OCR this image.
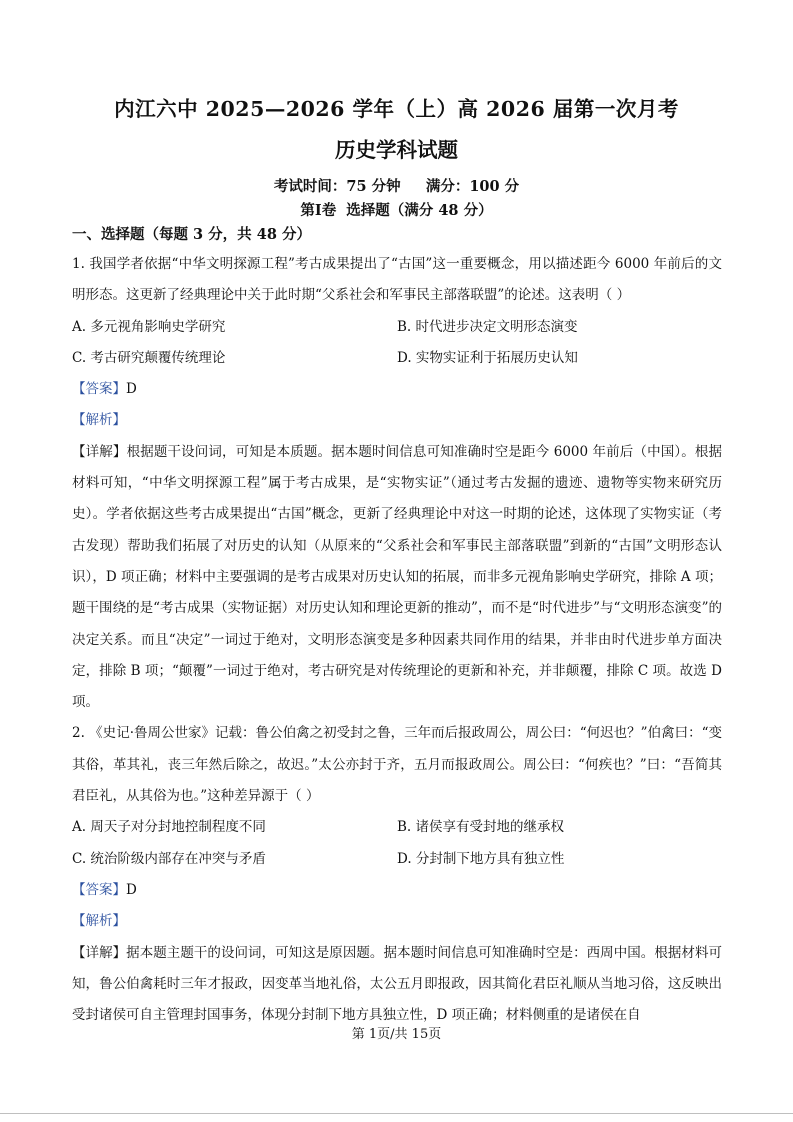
内江六中 2025—2026 学年（上）高 2026 届第一次月考
历史学科试题
考试时间：75 分钟     满分：100 分
第Ⅰ卷  选择题（满分 48 分）
一、选择题（每题 3 分，共 48 分）

1. 我国学者依据“中华文明探源工程”考古成果提出了“古国”这一重要概念，用以描述距今 6000 年前后的文明形态。这更新了经典理论中关于此时期“父系社会和军事民主部落联盟”的论述。这表明（ ）

A. 多元视角影响史学研究	B. 时代进步决定文明形态演变
C. 考古研究颠覆传统理论	D. 实物实证利于拓展历史认知

【答案】D

【解析】

【详解】根据题干设问词，可知是本质题。据本题时间信息可知准确时空是距今 6000 年前后（中国）。根据材料可知，“中华文明探源工程”属于考古成果，是“实物实证”（通过考古发掘的遗迹、遗物等实物来研究历史）。学者依据这些考古成果提出“古国”概念，更新了经典理论中对这一时期的论述，这体现了实物实证（考古发现）帮助我们拓展了对历史的认知（从原来的“父系社会和军事民主部落联盟”到新的“古国”文明形态认识），D 项正确；材料中主要强调的是考古成果对历史认知的拓展，而非多元视角影响史学研究，排除 A 项；题干围绕的是“考古成果（实物证据）对历史认知和理论更新的推动”，而不是“时代进步”与“文明形态演变”的决定关系。而且“决定”一词过于绝对，文明形态演变是多种因素共同作用的结果，并非由时代进步单方面决定，排除 B 项；“颠覆”一词过于绝对，考古研究是对传统理论的更新和补充，并非颠覆，排除 C 项。故选 D 项。

2. 《史记·鲁周公世家》记载：鲁公伯禽之初受封之鲁，三年而后报政周公，周公曰：“何迟也？”伯禽曰：“变其俗，革其礼，丧三年然后除之，故迟。”太公亦封于齐，五月而报政周公。周公曰：“何疾也？”曰：“吾简其君臣礼，从其俗为也。”这种差异源于（ ）

A. 周天子对分封地控制程度不同	B. 诸侯享有受封地的继承权
C. 统治阶级内部存在冲突与矛盾	D. 分封制下地方具有独立性

【答案】D

【解析】

【详解】据本题主题干的设问词，可知这是原因题。据本题时间信息可知准确时空是：西周中国。根据材料可知，鲁公伯禽耗时三年才报政，因变革当地礼俗，太公五月即报政，因其简化君臣礼顺从当地习俗，这反映出受封诸侯可自主管理封国事务，体现分封制下地方具独立性，D 项正确；材料侧重的是诸侯在自

第 1页/共 15页
